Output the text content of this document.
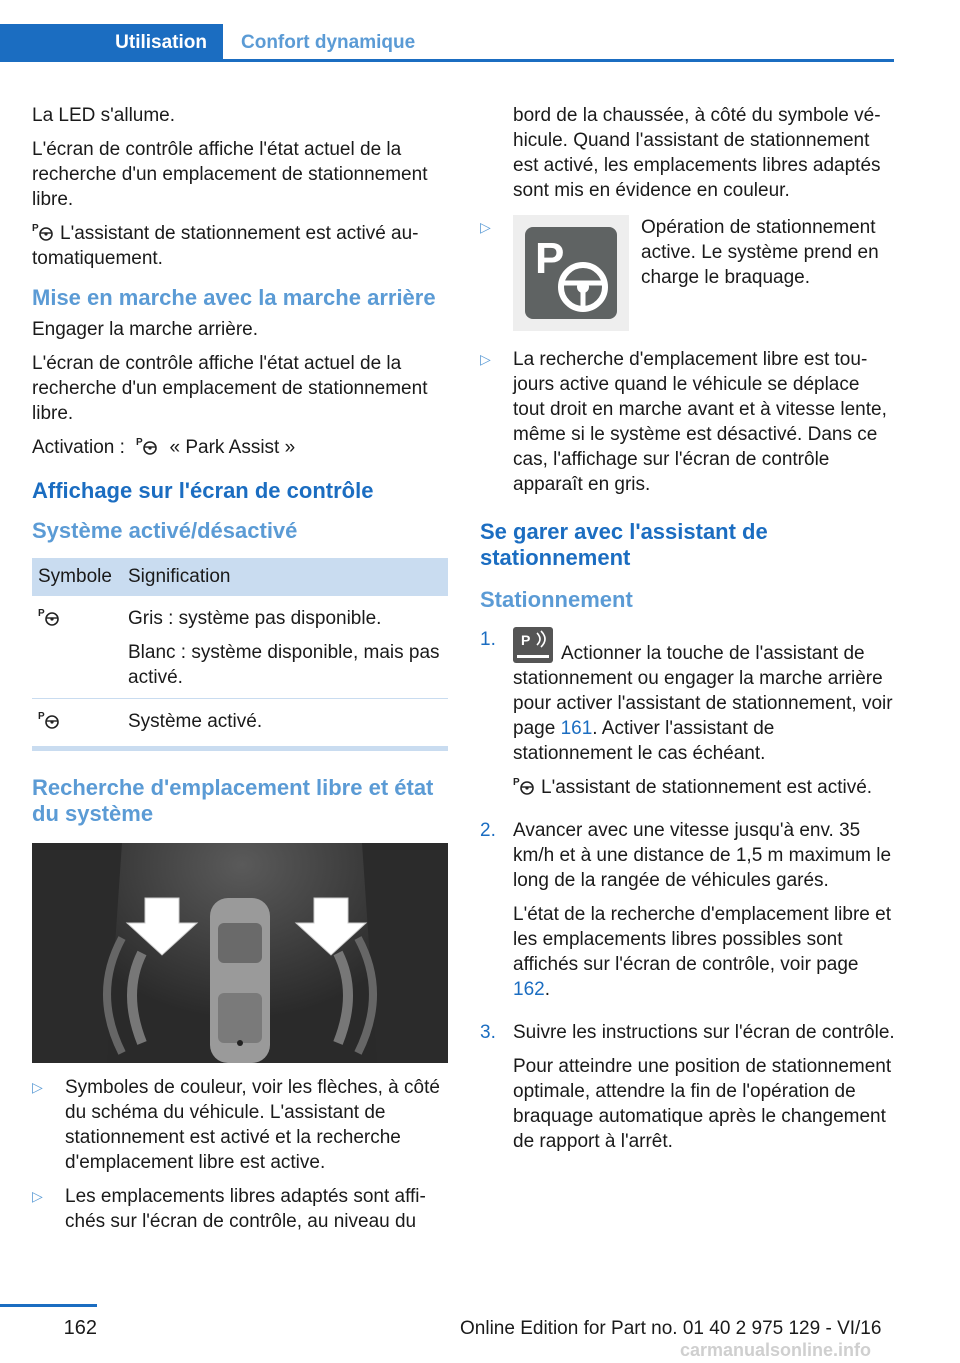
Utilisation	Confort dynamique

La LED s'allume.

L'écran de contrôle affiche l'état actuel de la recherche d'un emplacement de stationnement libre.

P L'assistant de stationnement est activé automatiquement.

Mise en marche avec la marche arrière

Engager la marche arrière.

L'écran de contrôle affiche l'état actuel de la recherche d'un emplacement de stationnement libre.

Activation : P « Park Assist »

Affichage sur l'écran de contrôle
Système activé/désactivé
Symbole	Signification

P	Gris : système pas disponible.

Blanc : système disponible, mais pas activé.

P	Système activé.
Recherche d'emplacement libre et état du système
▷	Symboles de couleur, voir les flèches, à côté du schéma du véhicule. L'assistant de stationnement est activé et la recherche d'emplacement libre est active.
▷	Les emplacements libres adaptés sont affichés sur l'écran de contrôle, au niveau du

bord de la chaussée, à côté du symbole véhicule. Quand l'assistant de stationnement est activé, les emplacements libres adaptés sont mis en évidence en couleur.

▷
P
Opération de stationnement active. Le système prend en charge le braquage.
▷	La recherche d'emplacement libre est toujours active quand le véhicule se déplace tout droit en marche avant et à vitesse lente, même si le système est désactivé. Dans ce cas, l'affichage sur l'écran de contrôle apparaît en gris.
Se garer avec l'assistant de stationnement
Stationnement
1.	P
Actionner la touche de l'assistant de stationnement ou engager la marche arrière pour activer l'assistant de stationnement, voir page 161. Activer l'assistant de stationnement le cas échéant.

P L'assistant de stationnement est activé.

2. Avancer avec une vitesse jusqu'à env. 35 km/h et à une distance de 1,5 m maximum le long de la rangée de véhicules garés.

L'état de la recherche d'emplacement libre et les emplacements libres possibles sont affichés sur l'écran de contrôle, voir page 162.

3. Suivre les instructions sur l'écran de contrôle.

Pour atteindre une position de stationnement optimale, attendre la fin de l'opération de braquage automatique après le changement de rapport à l'arrêt.

162	Online Edition for Part no. 01 40 2 975 129 - VI/16
carmanualsonline.info
